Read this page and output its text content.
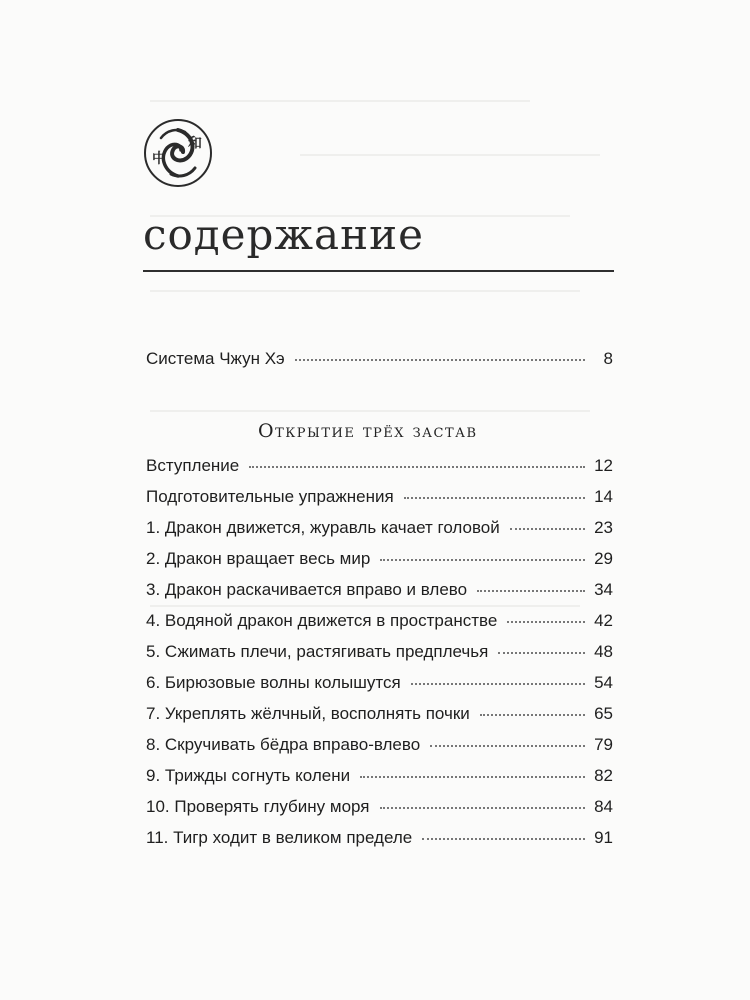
中
和
содержание
Система Чжун Хэ	8
Открытие трёх застав
Вступление	12
Подготовительные упражнения	14
1. Дракон движется, журавль качает головой	23
2. Дракон вращает весь мир	29
3. Дракон раскачивается вправо и влево	34
4. Водяной дракон движется в пространстве	42
5. Сжимать плечи, растягивать предплечья	48
6. Бирюзовые волны колышутся	54
7. Укреплять жёлчный, восполнять почки	65
8. Скручивать бёдра вправо-влево	79
9. Трижды согнуть колени	82
10. Проверять глубину моря	84
11. Тигр ходит в великом пределе	91
